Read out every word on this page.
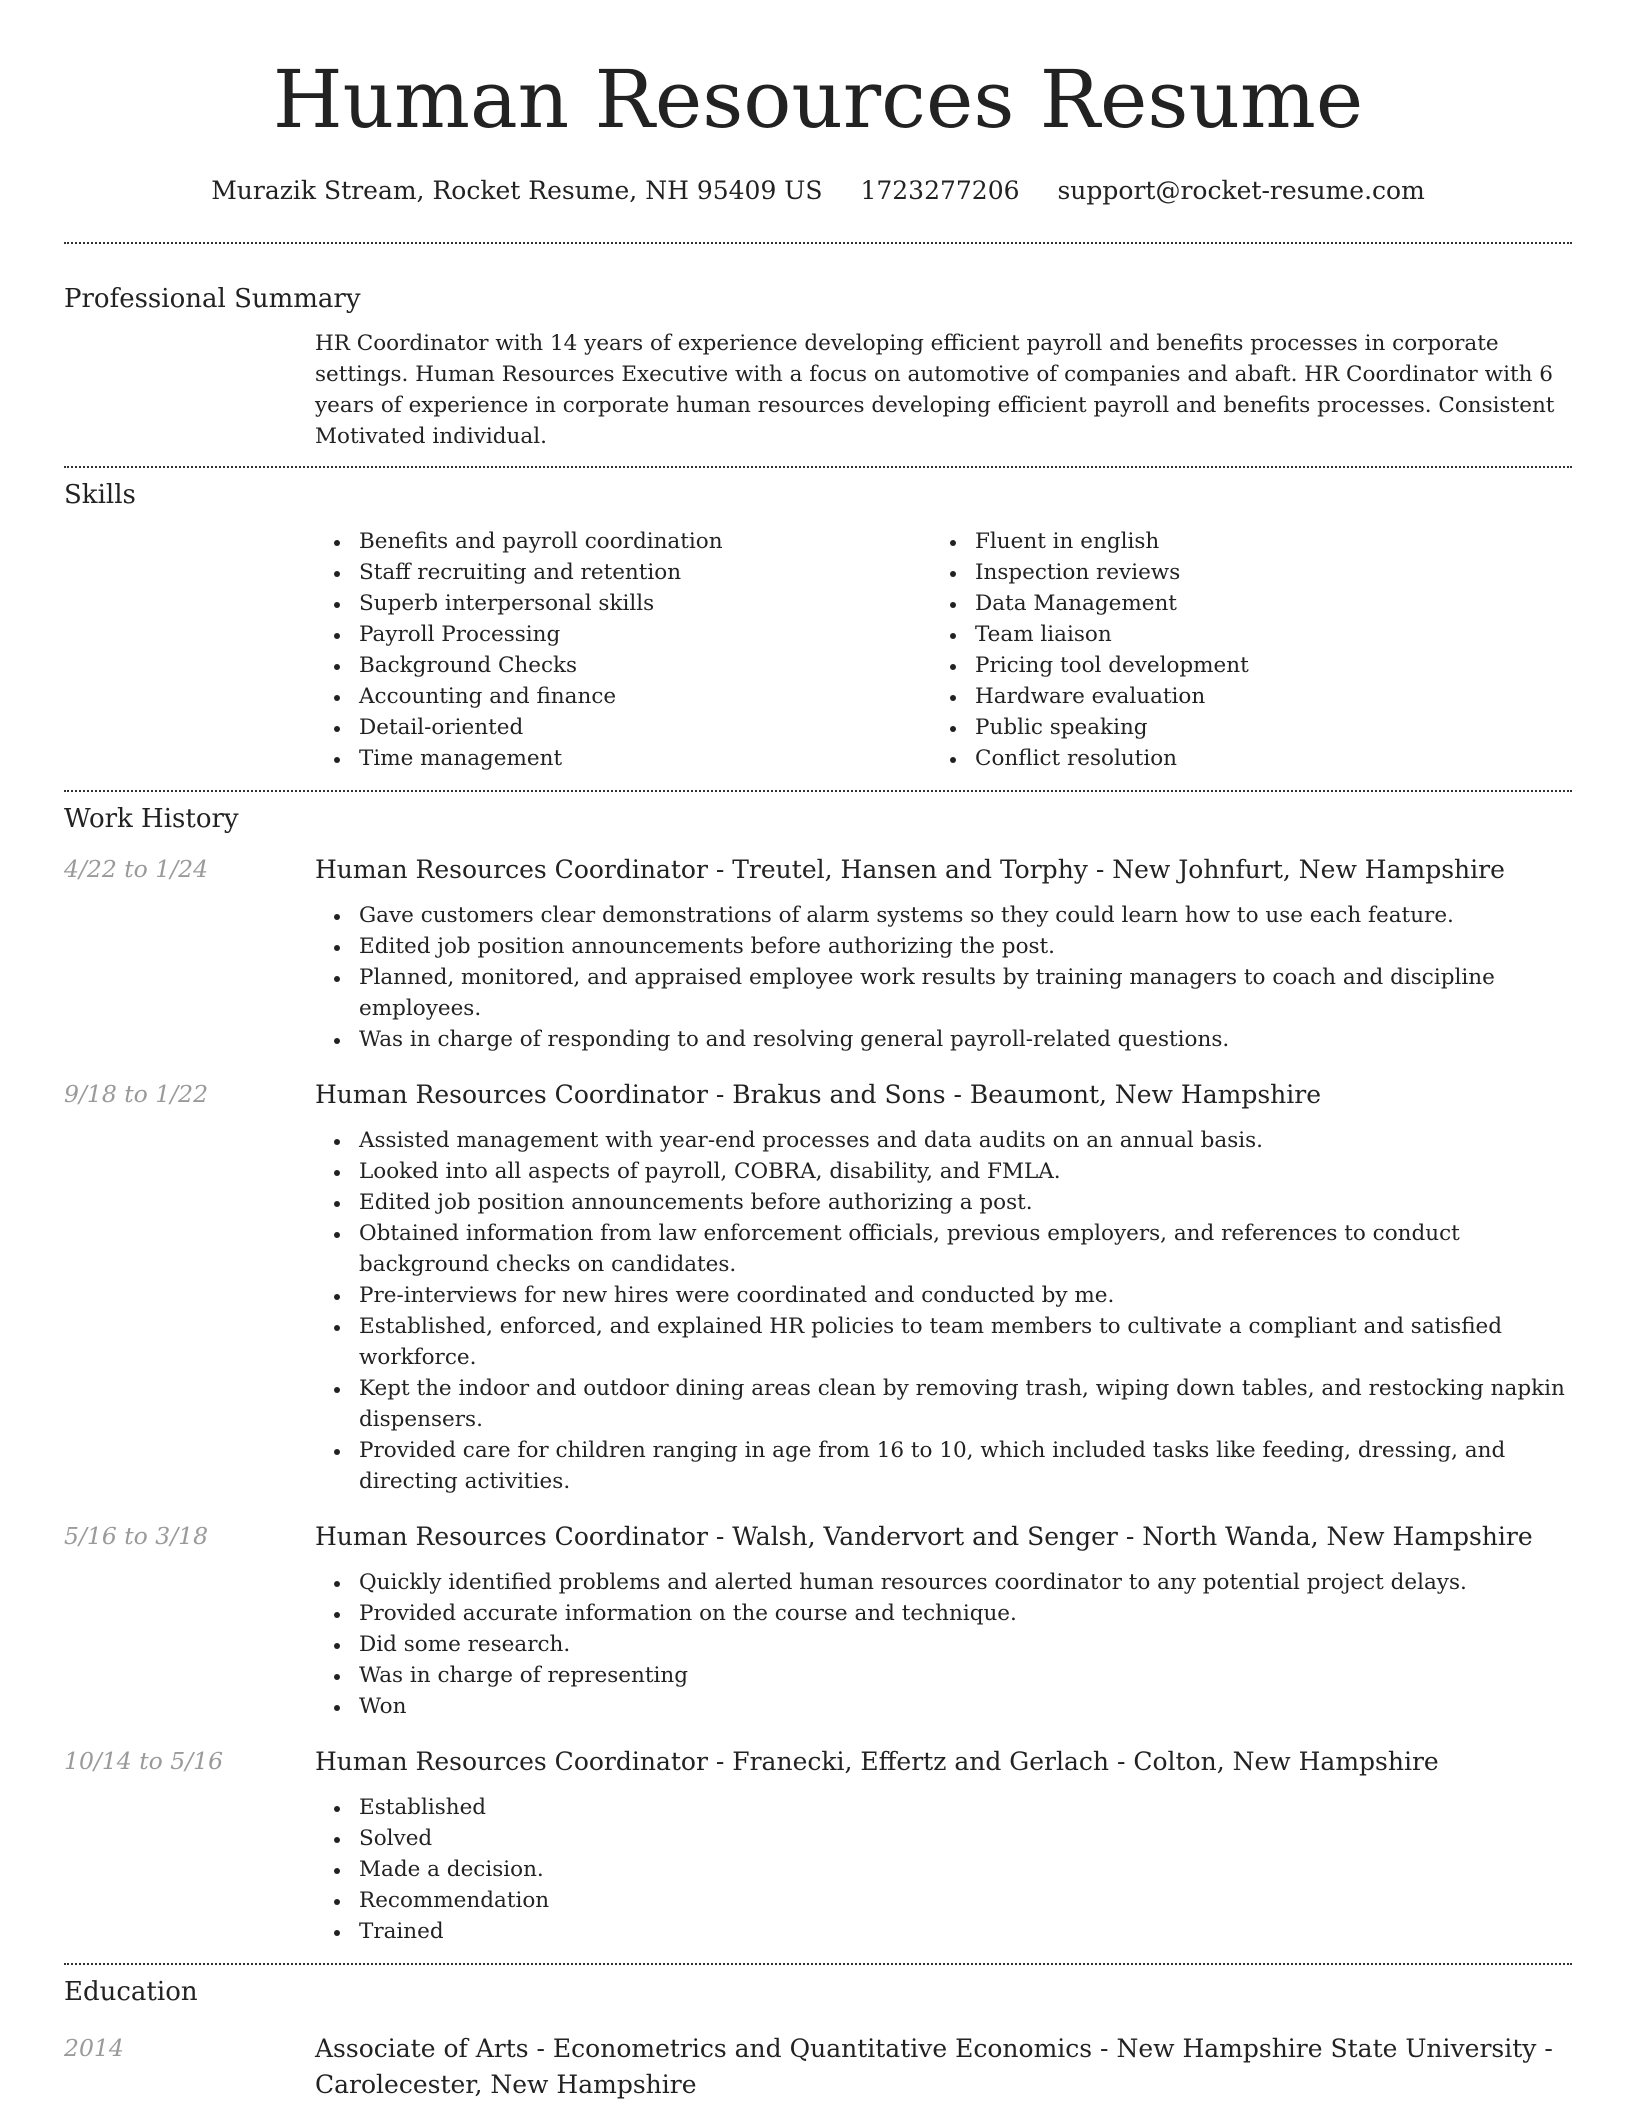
Human Resources Resume
Murazik Stream, Rocket Resume, NH 95409 US 1723277206 support@rocket-resume.com
Professional Summary
HR Coordinator with 14 years of experience developing efficient payroll and benefits processes in corporate settings. Human Resources Executive with a focus on automotive of companies and abaft. HR Coordinator with 6 years of experience in corporate human resources developing efficient payroll and benefits processes. Consistent Motivated individual.
Skills
Benefits and payroll coordination
Staff recruiting and retention
Superb interpersonal skills
Payroll Processing
Background Checks
Accounting and finance
Detail-oriented
Time management
Fluent in english
Inspection reviews
Data Management
Team liaison
Pricing tool development
Hardware evaluation
Public speaking
Conflict resolution
Work History
4/22 to 1/24	Human Resources Coordinator - Treutel, Hansen and Torphy - New Johnfurt, New Hampshire
Gave customers clear demonstrations of alarm systems so they could learn how to use each feature.
Edited job position announcements before authorizing the post.
Planned, monitored, and appraised employee work results by training managers to coach and discipline employees.
Was in charge of responding to and resolving general payroll-related questions.
9/18 to 1/22	Human Resources Coordinator - Brakus and Sons - Beaumont, New Hampshire
Assisted management with year-end processes and data audits on an annual basis.
Looked into all aspects of payroll, COBRA, disability, and FMLA.
Edited job position announcements before authorizing a post.
Obtained information from law enforcement officials, previous employers, and references to conduct background checks on candidates.
Pre-interviews for new hires were coordinated and conducted by me.
Established, enforced, and explained HR policies to team members to cultivate a compliant and satisfied workforce.
Kept the indoor and outdoor dining areas clean by removing trash, wiping down tables, and restocking napkin dispensers.
Provided care for children ranging in age from 16 to 10, which included tasks like feeding, dressing, and directing activities.
5/16 to 3/18	Human Resources Coordinator - Walsh, Vandervort and Senger - North Wanda, New Hampshire
Quickly identified problems and alerted human resources coordinator to any potential project delays.
Provided accurate information on the course and technique.
Did some research.
Was in charge of representing
Won
10/14 to 5/16	Human Resources Coordinator - Franecki, Effertz and Gerlach - Colton, New Hampshire
Established
Solved
Made a decision.
Recommendation
Trained
Education
2014	Associate of Arts - Econometrics and Quantitative Economics - New Hampshire State University - Carolecester, New Hampshire
